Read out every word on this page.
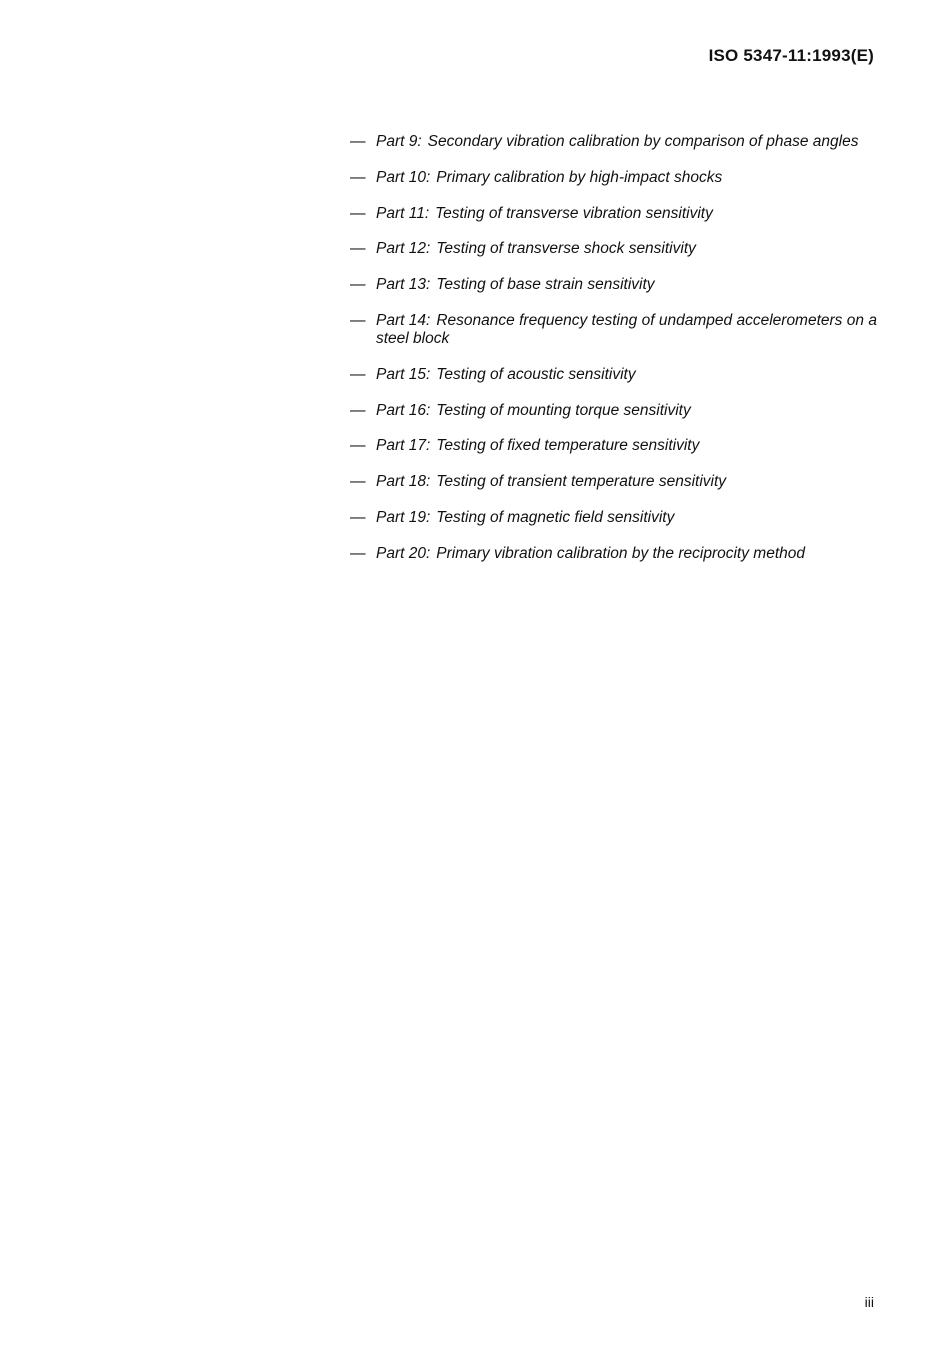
ISO 5347-11:1993(E)
— Part 9: Secondary vibration calibration by comparison of phase angles
— Part 10: Primary calibration by high-impact shocks
— Part 11: Testing of transverse vibration sensitivity
— Part 12: Testing of transverse shock sensitivity
— Part 13: Testing of base strain sensitivity
— Part 14: Resonance frequency testing of undamped accelerometers on a steel block
— Part 15: Testing of acoustic sensitivity
— Part 16: Testing of mounting torque sensitivity
— Part 17: Testing of fixed temperature sensitivity
— Part 18: Testing of transient temperature sensitivity
— Part 19: Testing of magnetic field sensitivity
— Part 20: Primary vibration calibration by the reciprocity method
iii
